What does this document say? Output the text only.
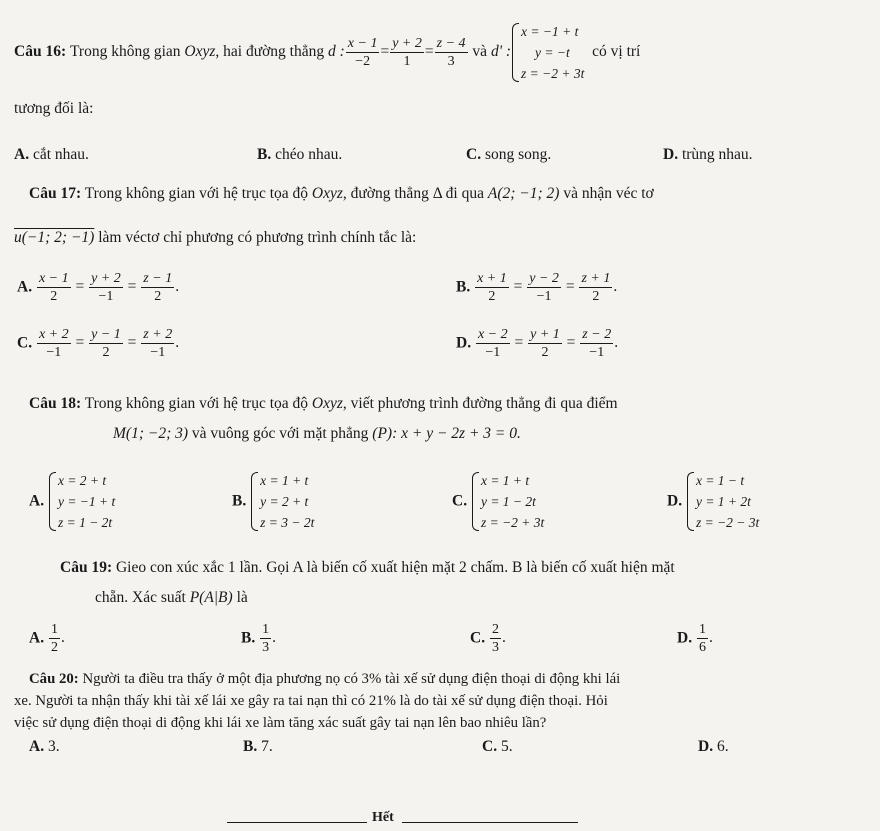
Câu 16:
Trong không gian
Oxyz , hai đường thẳng
d : $\frac{x - 1}{-2} = \frac{y + 2}{1} = \frac{z - 4}{3}$
và
d' :
x = −1 + t
y = −t
z = −2 + 3t

có vị trí
tương đối là:
A. cắt nhau.	B. chéo nhau.	C. song song.	D. trùng nhau.
Câu 17: Trong không gian với hệ trục tọa độ Oxyz, đường thẳng Δ đi qua A(2; −1; 2) và nhận véc tơ
u(−1; 2; −1) làm véctơ chỉ phương có phương trình chính tắc là:
A. $\frac{x - 1}{2} = \frac{y + 2}{-1} = \frac{z - 1}{2}$ .	B. $\frac{x + 1}{2} = \frac{y - 2}{-1} = \frac{z + 1}{2}$ .
C. $\frac{x + 2}{-1} = \frac{y - 1}{2} = \frac{z + 2}{-1}$ .	D. $\frac{x - 2}{-1} = \frac{y + 1}{2} = \frac{z - 2}{-1}$ .
Câu 18: Trong không gian với hệ trục tọa độ Oxyz, viết phương trình đường thẳng đi qua điểm
M(1; −2; 3) và vuông góc với mặt phẳng (P): x + y − 2z + 3 = 0.
A.
x = 2 + t
y = −1 + t
z = 1 − 2t
B.
x = 1 + t
y = 2 + t
z = 3 − 2t
C.
x = 1 + t
y = 1 − 2t
z = −2 + 3t
D.
x = 1 − t
y = 1 + 2t
z = −2 − 3t
Câu 19: Gieo con xúc xắc 1 lần. Gọi A là biến cố xuất hiện mặt 2 chấm. B là biến cố xuất hiện mặt
chẵn. Xác suất P(A|B) là
A. $\frac{1}{2}$ .	B. $\frac{1}{3}$ .	C. $\frac{2}{3}$ .	D. $\frac{1}{6}$ .
Câu 20: Người ta điều tra thấy ở một địa phương nọ có 3% tài xế sử dụng điện thoại di động khi lái
xe. Người ta nhận thấy khi tài xế lái xe gây ra tai nạn thì có 21% là do tài xế sử dụng điện thoại. Hỏi
việc sử dụng điện thoại di động khi lái xe làm tăng xác suất gây tai nạn lên bao nhiêu lần?
A. 3.	B. 7.	C. 5.	D. 6.
Hết
